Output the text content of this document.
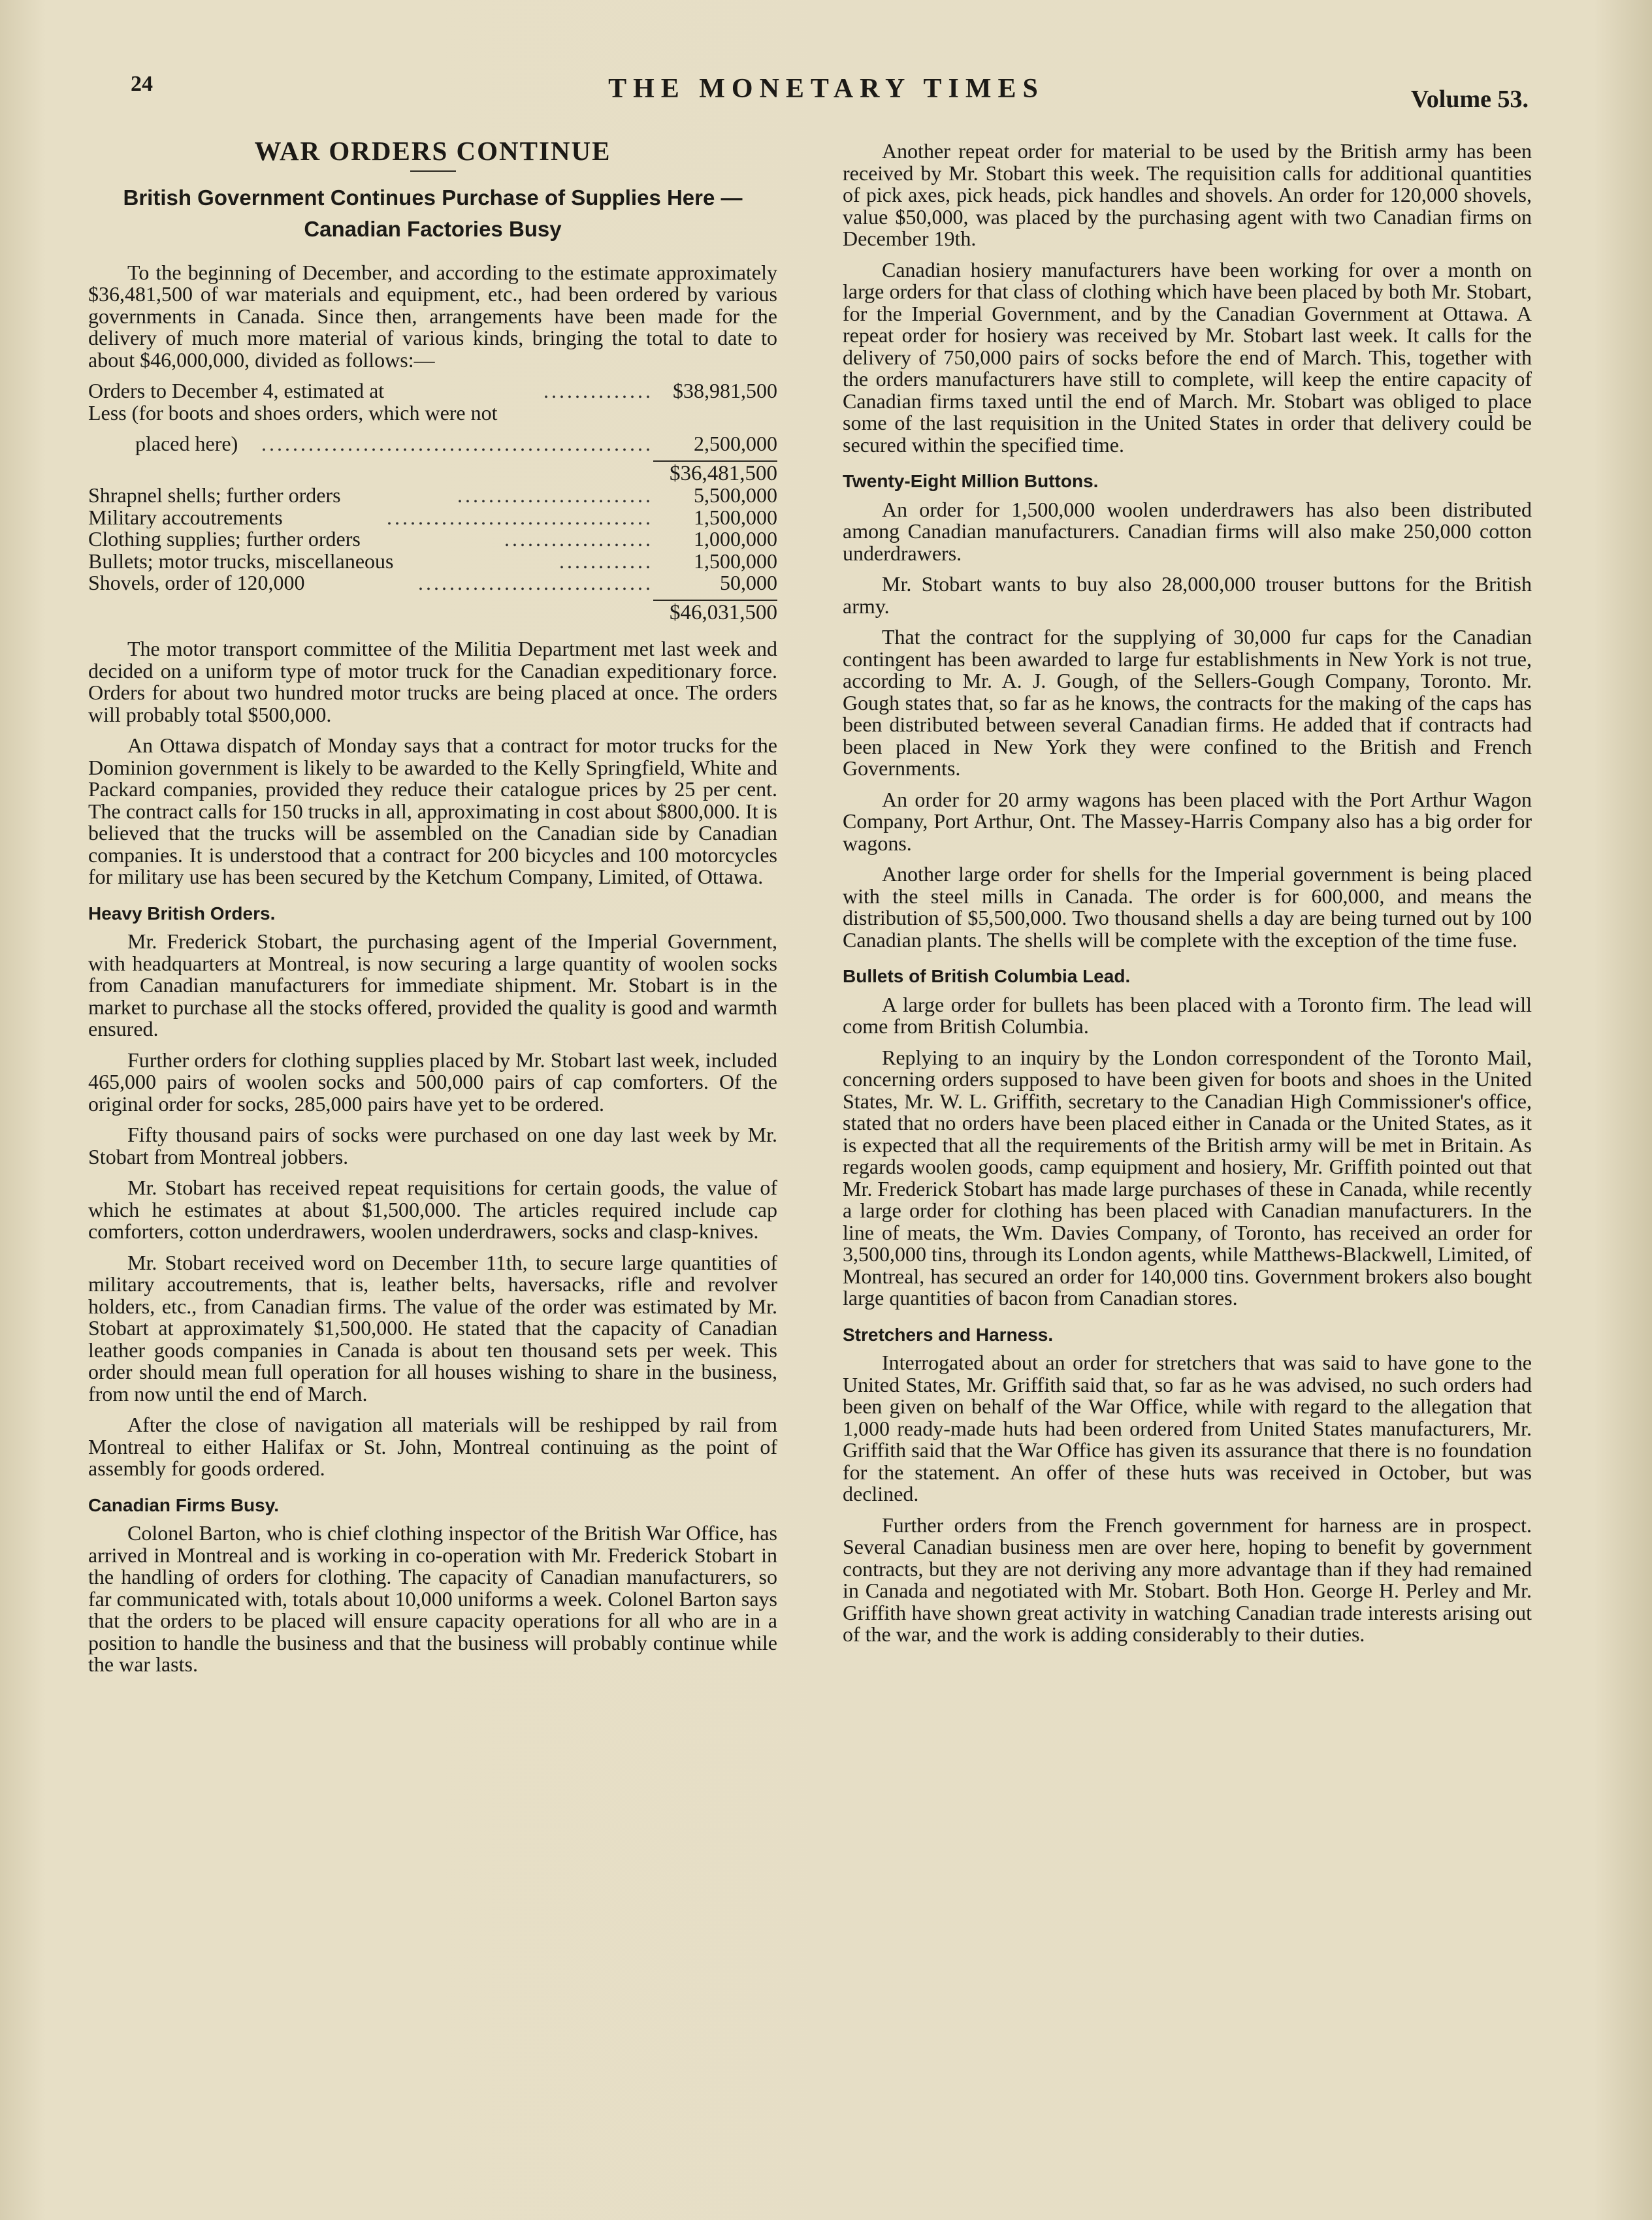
24	THE MONETARY TIMES	Volume 53.
WAR ORDERS CONTINUE
British Government Continues Purchase of Supplies Here —Canadian Factories Busy

To the beginning of December, and according to the estimate approximately $36,481,500 of war materials and equipment, etc., had been ordered by various governments in Canada. Since then, arrangements have been made for the delivery of much more material of various kinds, bringing the total to date to about $46,000,000, divided as follows:—

Orders to December 4, estimated at	.............. $38,981,500
Less (for boots and shoes orders, which were not
placed here) ..................................................	2,500,000
$36,481,500
Shrapnel shells; further orders	.........................	5,500,000
Military accoutrements	..................................	1,500,000
Clothing supplies; further orders	...................	1,000,000
Bullets; motor trucks, miscellaneous	............	1,500,000
Shovels, order of 120,000	..............................	50,000
$46,031,500

The motor transport committee of the Militia Department met last week and decided on a uniform type of motor truck for the Canadian expeditionary force. Orders for about two hundred motor trucks are being placed at once. The orders will probably total $500,000.

An Ottawa dispatch of Monday says that a contract for motor trucks for the Dominion government is likely to be awarded to the Kelly Springfield, White and Packard companies, provided they reduce their catalogue prices by 25 per cent. The contract calls for 150 trucks in all, approximating in cost about $800,000. It is believed that the trucks will be assembled on the Canadian side by Canadian companies. It is understood that a contract for 200 bicycles and 100 motorcycles for military use has been secured by the Ketchum Company, Limited, of Ottawa.

Heavy British Orders.

Mr. Frederick Stobart, the purchasing agent of the Imperial Government, with headquarters at Montreal, is now securing a large quantity of woolen socks from Canadian manufacturers for immediate shipment. Mr. Stobart is in the market to purchase all the stocks offered, provided the quality is good and warmth ensured.

Further orders for clothing supplies placed by Mr. Stobart last week, included 465,000 pairs of woolen socks and 500,000 pairs of cap comforters. Of the original order for socks, 285,000 pairs have yet to be ordered.

Fifty thousand pairs of socks were purchased on one day last week by Mr. Stobart from Montreal jobbers.

Mr. Stobart has received repeat requisitions for certain goods, the value of which he estimates at about $1,500,000. The articles required include cap comforters, cotton underdrawers, woolen underdrawers, socks and clasp-knives.

Mr. Stobart received word on December 11th, to secure large quantities of military accoutrements, that is, leather belts, haversacks, rifle and revolver holders, etc., from Canadian firms. The value of the order was estimated by Mr. Stobart at approximately $1,500,000. He stated that the capacity of Canadian leather goods companies in Canada is about ten thousand sets per week. This order should mean full operation for all houses wishing to share in the business, from now until the end of March.

After the close of navigation all materials will be reshipped by rail from Montreal to either Halifax or St. John, Montreal continuing as the point of assembly for goods ordered.

Canadian Firms Busy.

Colonel Barton, who is chief clothing inspector of the British War Office, has arrived in Montreal and is working in co-operation with Mr. Frederick Stobart in the handling of orders for clothing. The capacity of Canadian manufacturers, so far communicated with, totals about 10,000 uniforms a week. Colonel Barton says that the orders to be placed will ensure capacity operations for all who are in a position to handle the business and that the business will probably continue while the war lasts.

Another repeat order for material to be used by the British army has been received by Mr. Stobart this week. The requisition calls for additional quantities of pick axes, pick heads, pick handles and shovels. An order for 120,000 shovels, value $50,000, was placed by the purchasing agent with two Canadian firms on December 19th.

Canadian hosiery manufacturers have been working for over a month on large orders for that class of clothing which have been placed by both Mr. Stobart, for the Imperial Government, and by the Canadian Government at Ottawa. A repeat order for hosiery was received by Mr. Stobart last week. It calls for the delivery of 750,000 pairs of socks before the end of March. This, together with the orders manufacturers have still to complete, will keep the entire capacity of Canadian firms taxed until the end of March. Mr. Stobart was obliged to place some of the last requisition in the United States in order that delivery could be secured within the specified time.

Twenty-Eight Million Buttons.

An order for 1,500,000 woolen underdrawers has also been distributed among Canadian manufacturers. Canadian firms will also make 250,000 cotton underdrawers.

Mr. Stobart wants to buy also 28,000,000 trouser buttons for the British army.

That the contract for the supplying of 30,000 fur caps for the Canadian contingent has been awarded to large fur establishments in New York is not true, according to Mr. A. J. Gough, of the Sellers-Gough Company, Toronto. Mr. Gough states that, so far as he knows, the contracts for the making of the caps has been distributed between several Canadian firms. He added that if contracts had been placed in New York they were confined to the British and French Governments.

An order for 20 army wagons has been placed with the Port Arthur Wagon Company, Port Arthur, Ont. The Massey-Harris Company also has a big order for wagons.

Another large order for shells for the Imperial government is being placed with the steel mills in Canada. The order is for 600,000, and means the distribution of $5,500,000. Two thousand shells a day are being turned out by 100 Canadian plants. The shells will be complete with the exception of the time fuse.

Bullets of British Columbia Lead.

A large order for bullets has been placed with a Toronto firm. The lead will come from British Columbia.

Replying to an inquiry by the London correspondent of the Toronto Mail, concerning orders supposed to have been given for boots and shoes in the United States, Mr. W. L. Griffith, secretary to the Canadian High Commissioner's office, stated that no orders have been placed either in Canada or the United States, as it is expected that all the requirements of the British army will be met in Britain. As regards woolen goods, camp equipment and hosiery, Mr. Griffith pointed out that Mr. Frederick Stobart has made large purchases of these in Canada, while recently a large order for clothing has been placed with Canadian manufacturers. In the line of meats, the Wm. Davies Company, of Toronto, has received an order for 3,500,000 tins, through its London agents, while Matthews-Blackwell, Limited, of Montreal, has secured an order for 140,000 tins. Government brokers also bought large quantities of bacon from Canadian stores.

Stretchers and Harness.

Interrogated about an order for stretchers that was said to have gone to the United States, Mr. Griffith said that, so far as he was advised, no such orders had been given on behalf of the War Office, while with regard to the allegation that 1,000 ready-made huts had been ordered from United States manufacturers, Mr. Griffith said that the War Office has given its assurance that there is no foundation for the statement. An offer of these huts was received in October, but was declined.

Further orders from the French government for harness are in prospect. Several Canadian business men are over here, hoping to benefit by government contracts, but they are not deriving any more advantage than if they had remained in Canada and negotiated with Mr. Stobart. Both Hon. George H. Perley and Mr. Griffith have shown great activity in watching Canadian trade interests arising out of the war, and the work is adding considerably to their duties.
